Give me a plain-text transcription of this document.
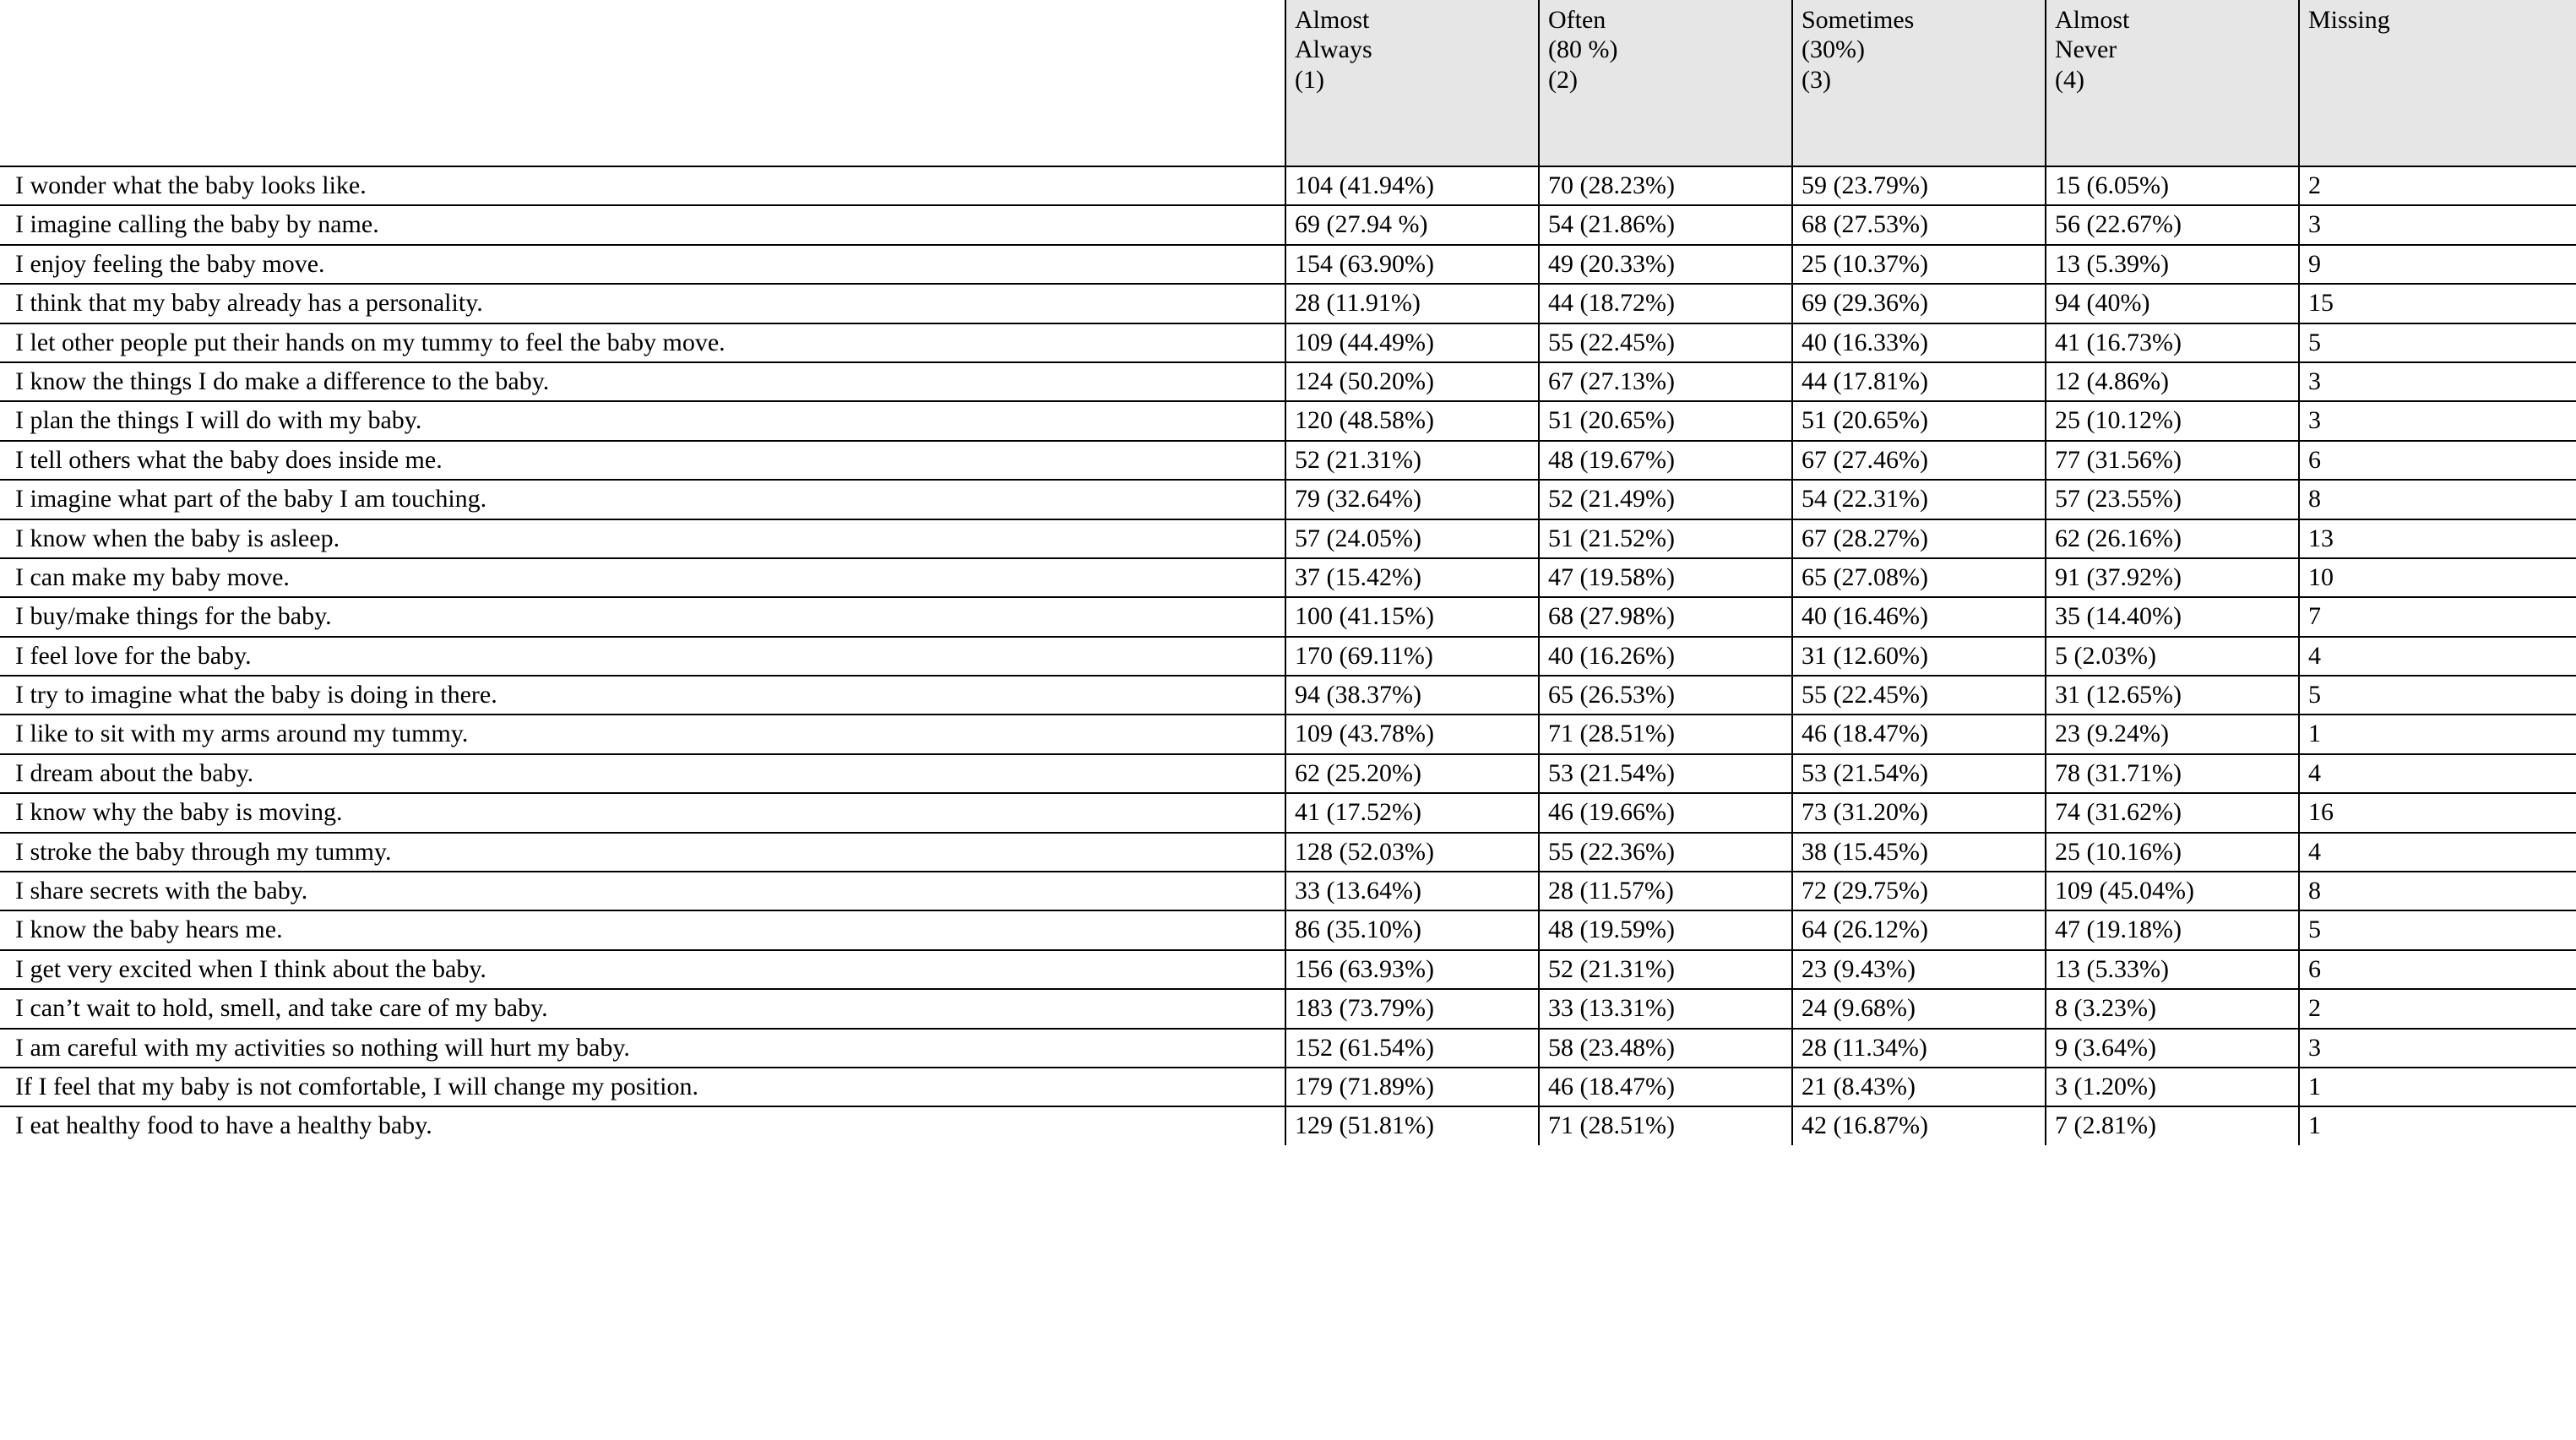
	Almost
Always
(1)	Often
(80 %)
(2)	Sometimes
(30%)
(3)	Almost
Never
(4)	Missing

I wonder what the baby looks like.	104 (41.94%)	70 (28.23%)	59 (23.79%)	15 (6.05%)	2
I imagine calling the baby by name.	69 (27.94 %)	54 (21.86%)	68 (27.53%)	56 (22.67%)	3
I enjoy feeling the baby move.	154 (63.90%)	49 (20.33%)	25 (10.37%)	13 (5.39%)	9
I think that my baby already has a personality.	28 (11.91%)	44 (18.72%)	69 (29.36%)	94 (40%)	15
I let other people put their hands on my tummy to feel the baby move.	109 (44.49%)	55 (22.45%)	40 (16.33%)	41 (16.73%)	5
I know the things I do make a difference to the baby.	124 (50.20%)	67 (27.13%)	44 (17.81%)	12 (4.86%)	3
I plan the things I will do with my baby.	120 (48.58%)	51 (20.65%)	51 (20.65%)	25 (10.12%)	3
I tell others what the baby does inside me.	52 (21.31%)	48 (19.67%)	67 (27.46%)	77 (31.56%)	6
I imagine what part of the baby I am touching.	79 (32.64%)	52 (21.49%)	54 (22.31%)	57 (23.55%)	8
I know when the baby is asleep.	57 (24.05%)	51 (21.52%)	67 (28.27%)	62 (26.16%)	13
I can make my baby move.	37 (15.42%)	47 (19.58%)	65 (27.08%)	91 (37.92%)	10
I buy/make things for the baby.	100 (41.15%)	68 (27.98%)	40 (16.46%)	35 (14.40%)	7
I feel love for the baby.	170 (69.11%)	40 (16.26%)	31 (12.60%)	5 (2.03%)	4
I try to imagine what the baby is doing in there.	94 (38.37%)	65 (26.53%)	55 (22.45%)	31 (12.65%)	5
I like to sit with my arms around my tummy.	109 (43.78%)	71 (28.51%)	46 (18.47%)	23 (9.24%)	1
I dream about the baby.	62 (25.20%)	53 (21.54%)	53 (21.54%)	78 (31.71%)	4
I know why the baby is moving.	41 (17.52%)	46 (19.66%)	73 (31.20%)	74 (31.62%)	16
I stroke the baby through my tummy.	128 (52.03%)	55 (22.36%)	38 (15.45%)	25 (10.16%)	4
I share secrets with the baby.	33 (13.64%)	28 (11.57%)	72 (29.75%)	109 (45.04%)	8
I know the baby hears me.	86 (35.10%)	48 (19.59%)	64 (26.12%)	47 (19.18%)	5
I get very excited when I think about the baby.	156 (63.93%)	52 (21.31%)	23 (9.43%)	13 (5.33%)	6
I can’t wait to hold, smell, and take care of my baby.	183 (73.79%)	33 (13.31%)	24 (9.68%)	8 (3.23%)	2
I am careful with my activities so nothing will hurt my baby.	152 (61.54%)	58 (23.48%)	28 (11.34%)	9 (3.64%)	3
If I feel that my baby is not comfortable, I will change my position.	179 (71.89%)	46 (18.47%)	21 (8.43%)	3 (1.20%)	1
I eat healthy food to have a healthy baby.	129 (51.81%)	71 (28.51%)	42 (16.87%)	7 (2.81%)	1
